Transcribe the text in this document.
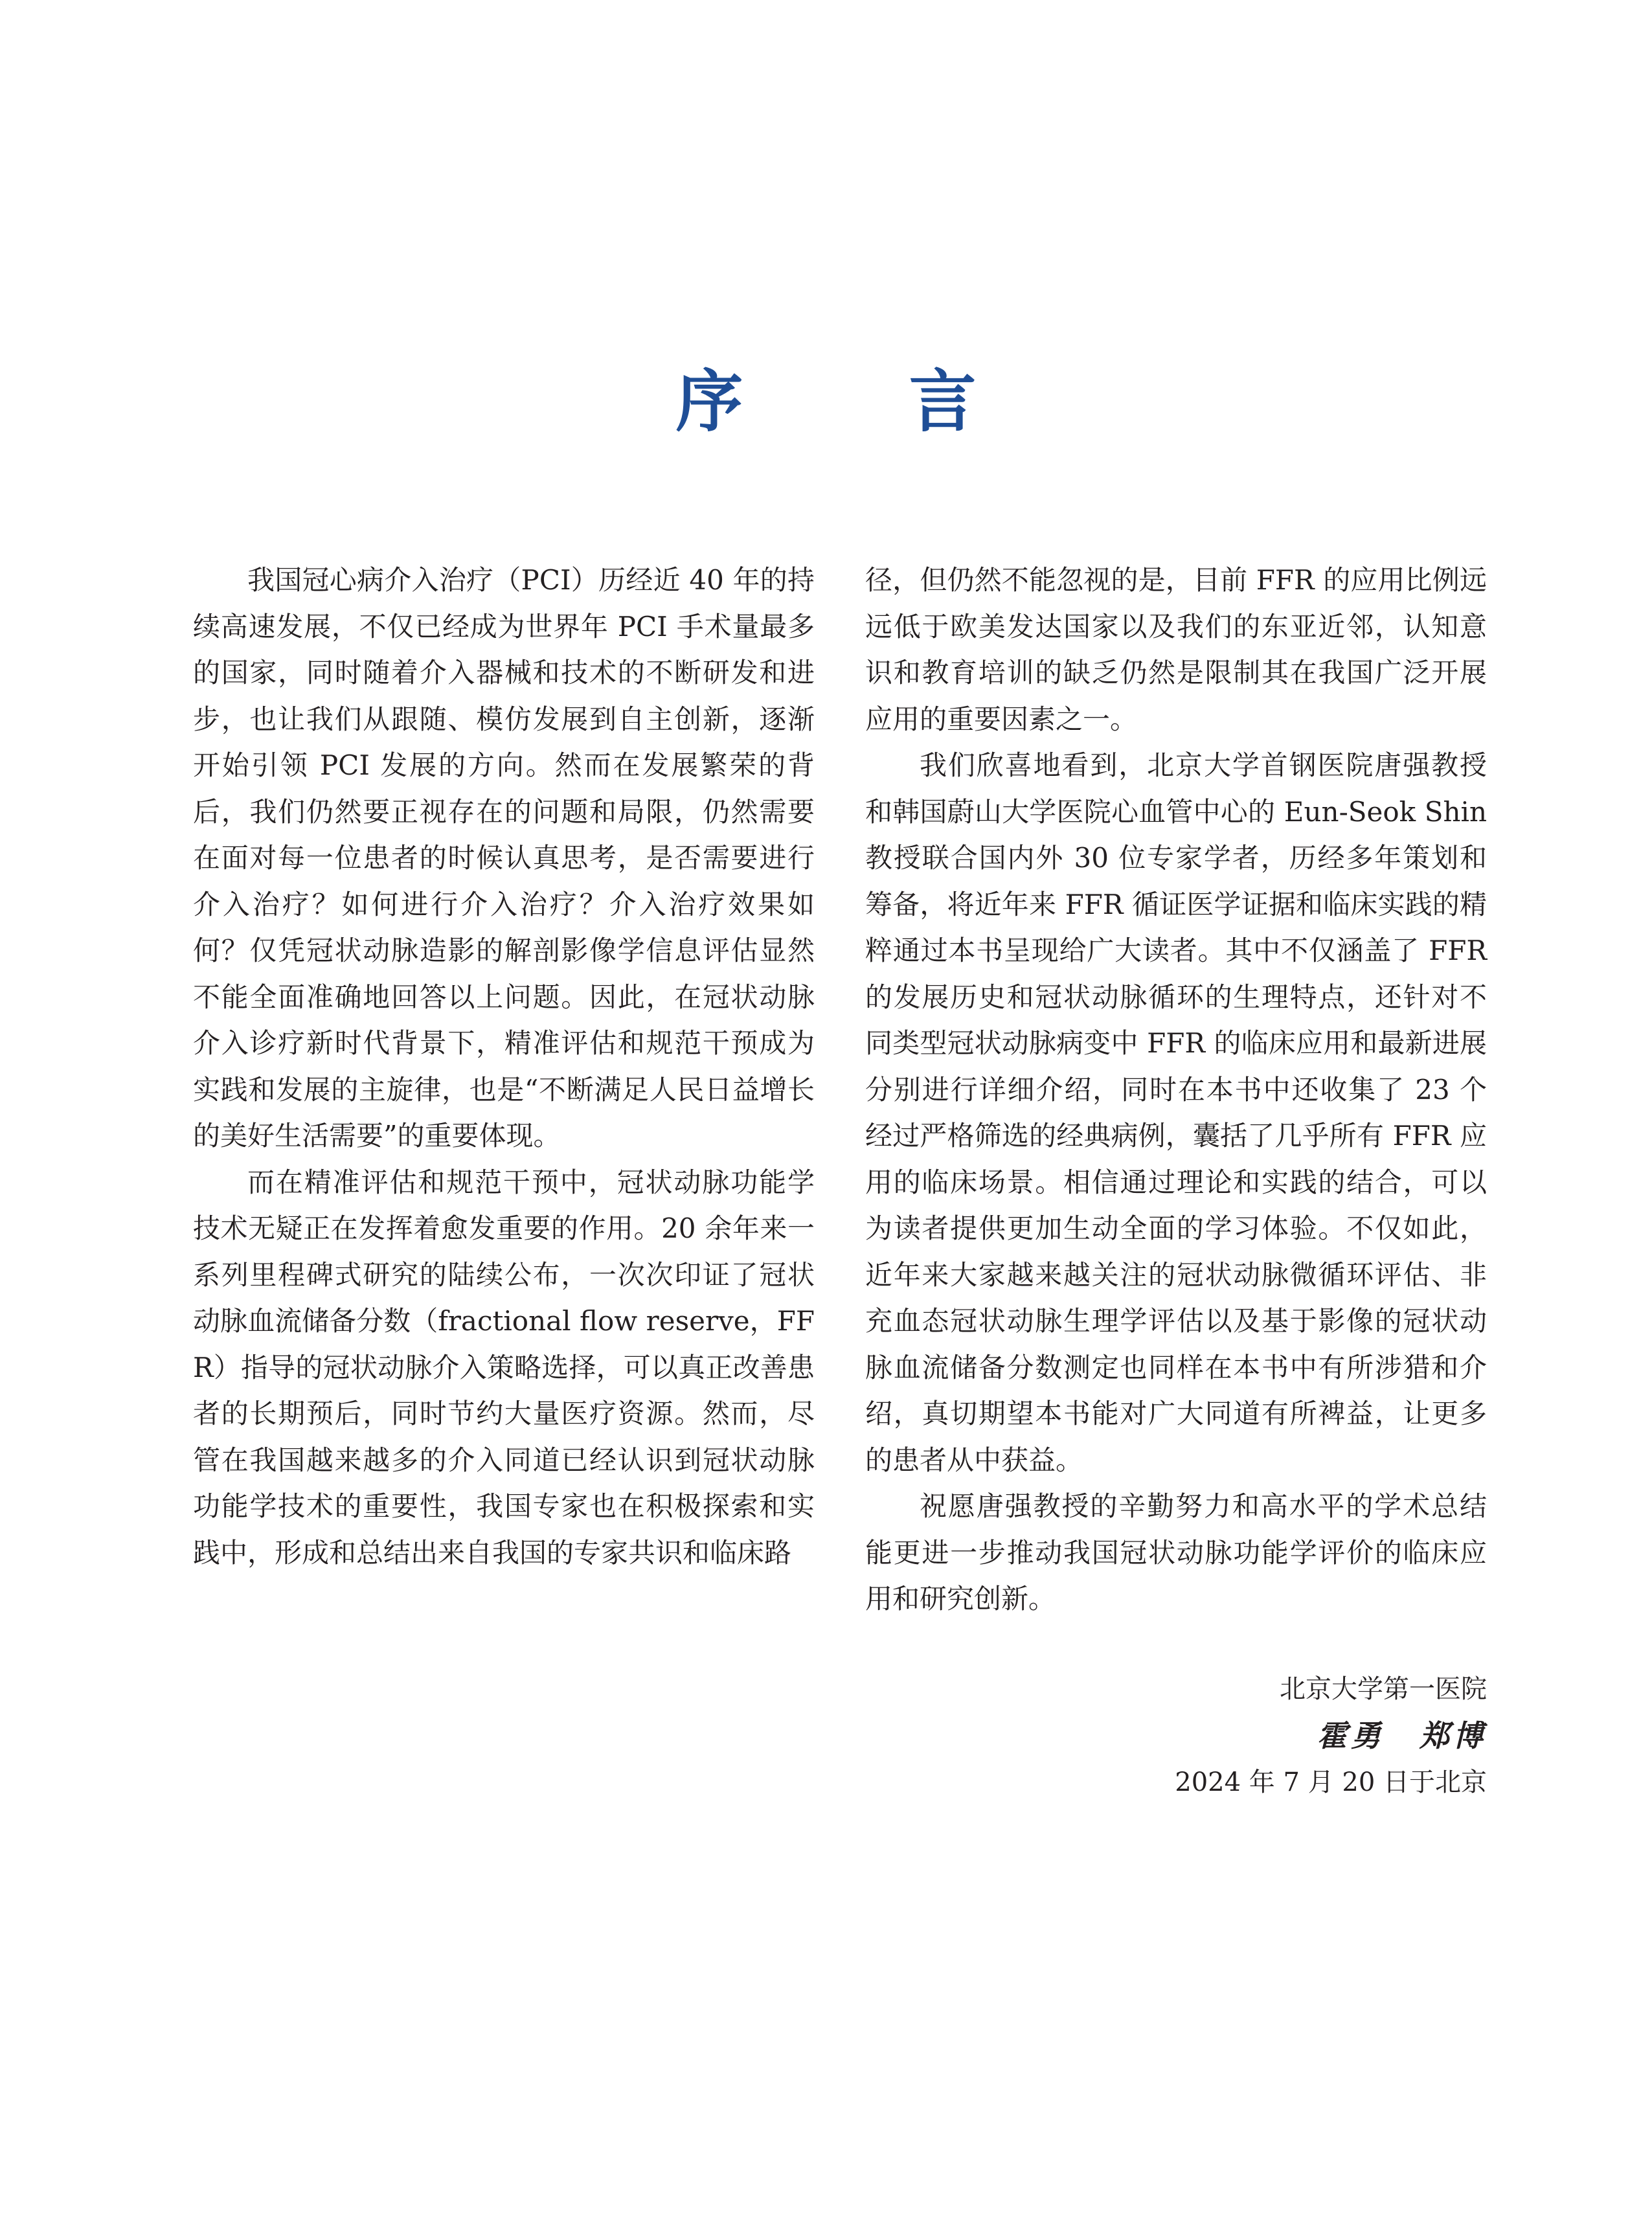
序 言

我国冠心病介入治疗（PCI）历经近 40 年的持续高速发展，不仅已经成为世界年 PCI 手术量最多的国家，同时随着介入器械和技术的不断研发和进步，也让我们从跟随、模仿发展到自主创新，逐渐开始引领 PCI 发展的方向。然而在发展繁荣的背后，我们仍然要正视存在的问题和局限，仍然需要在面对每一位患者的时候认真思考，是否需要进行介入治疗？如何进行介入治疗？介入治疗效果如何？仅凭冠状动脉造影的解剖影像学信息评估显然不能全面准确地回答以上问题。因此，在冠状动脉介入诊疗新时代背景下，精准评估和规范干预成为实践和发展的主旋律，也是“不断满足人民日益增长的美好生活需要”的重要体现。

而在精准评估和规范干预中，冠状动脉功能学技术无疑正在发挥着愈发重要的作用。20 余年来一系列里程碑式研究的陆续公布，一次次印证了冠状动脉血流储备分数（fractional flow reserve，FFR）指导的冠状动脉介入策略选择，可以真正改善患者的长期预后，同时节约大量医疗资源。然而，尽管在我国越来越多的介入同道已经认识到冠状动脉功能学技术的重要性，我国专家也在积极探索和实践中，形成和总结出来自我国的专家共识和临床路

径，但仍然不能忽视的是，目前 FFR 的应用比例远远低于欧美发达国家以及我们的东亚近邻，认知意识和教育培训的缺乏仍然是限制其在我国广泛开展应用的重要因素之一。

我们欣喜地看到，北京大学首钢医院唐强教授和韩国蔚山大学医院心血管中心的 Eun-Seok Shin 教授联合国内外 30 位专家学者，历经多年策划和筹备，将近年来 FFR 循证医学证据和临床实践的精粹通过本书呈现给广大读者。其中不仅涵盖了 FFR 的发展历史和冠状动脉循环的生理特点，还针对不同类型冠状动脉病变中 FFR 的临床应用和最新进展分别进行详细介绍，同时在本书中还收集了 23 个经过严格筛选的经典病例，囊括了几乎所有 FFR 应用的临床场景。相信通过理论和实践的结合，可以为读者提供更加生动全面的学习体验。不仅如此，近年来大家越来越关注的冠状动脉微循环评估、非充血态冠状动脉生理学评估以及基于影像的冠状动脉血流储备分数测定也同样在本书中有所涉猎和介绍，真切期望本书能对广大同道有所裨益，让更多的患者从中获益。

祝愿唐强教授的辛勤努力和高水平的学术总结能更进一步推动我国冠状动脉功能学评价的临床应用和研究创新。

北京大学第一医院
霍勇 郑博
2024 年 7 月 20 日于北京
